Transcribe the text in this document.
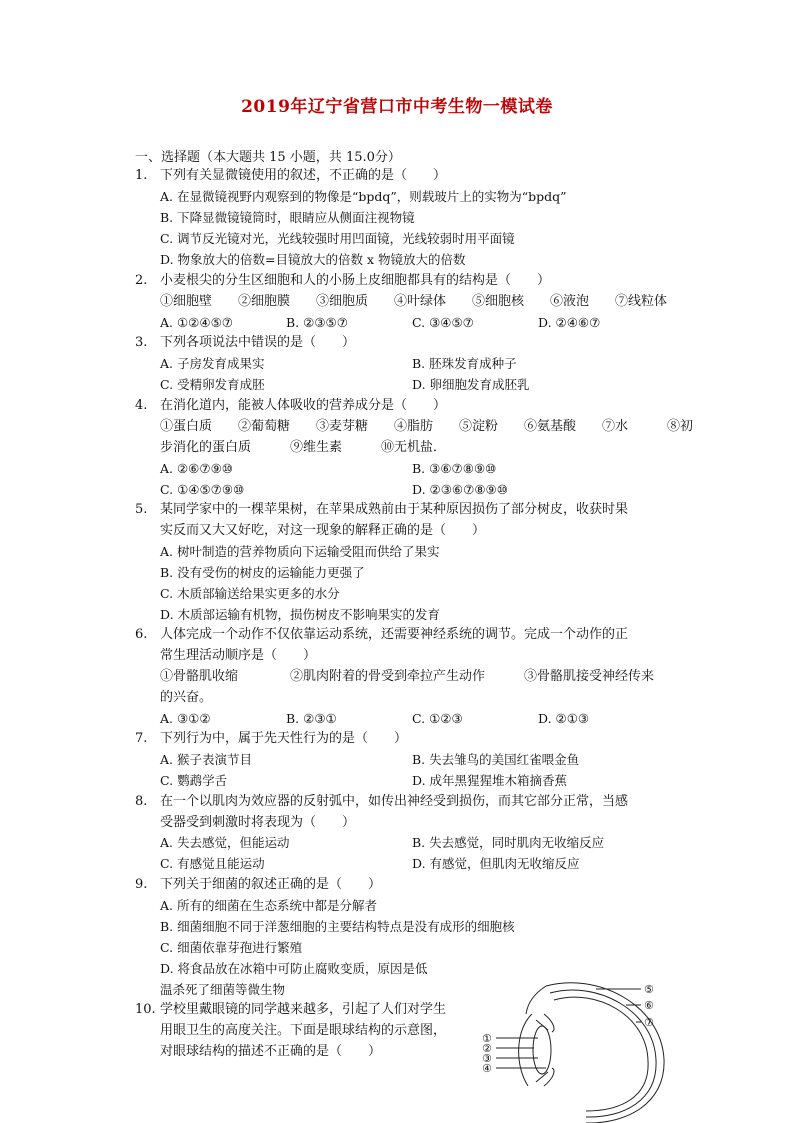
2019年辽宁省营口市中考生物一模试卷
一、选择题（本大题共 15 小题，共 15.0分）
1. 下列有关显微镜使用的叙述，不正确的是（　　）
A. 在显微镜视野内观察到的物像是“bpdq”，则载玻片上的实物为“bpdq”
B. 下降显微镜镜筒时，眼睛应从侧面注视物镜
C. 调节反光镜对光，光线较强时用凹面镜，光线较弱时用平面镜
D. 物象放大的倍数=目镜放大的倍数 x 物镜放大的倍数
2. 小麦根尖的分生区细胞和人的小肠上皮细胞都具有的结构是（　　）
①细胞壁　　②细胞膜　　③细胞质　　④叶绿体　　⑤细胞核　　⑥液泡　　⑦线粒体
A. ①②④⑤⑦	B. ②③⑤⑦	C. ③④⑤⑦	D. ②④⑥⑦
3. 下列各项说法中错误的是（　　）
A. 子房发育成果实	B. 胚珠发育成种子
C. 受精卵发育成胚	D. 卵细胞发育成胚乳
4. 在消化道内，能被人体吸收的营养成分是（　　）
①蛋白质　　②葡萄糖　　③麦芽糖　　④脂肪　　⑤淀粉　　⑥氨基酸　　⑦水　　　⑧初
步消化的蛋白质　　　⑨维生素　　　⑩无机盐．
A. ②⑥⑦⑨⑩	B. ③⑥⑦⑧⑨⑩
C. ①④⑤⑦⑨⑩	D. ②③⑥⑦⑧⑨⑩
5. 某同学家中的一棵苹果树，在苹果成熟前由于某种原因损伤了部分树皮，收获时果
实反而又大又好吃，对这一现象的解释正确的是（　　）
A. 树叶制造的营养物质向下运输受阻而供给了果实
B. 没有受伤的树皮的运输能力更强了
C. 木质部输送给果实更多的水分
D. 木质部运输有机物，损伤树皮不影响果实的发育
6. 人体完成一个动作不仅依靠运动系统，还需要神经系统的调节。完成一个动作的正
常生理活动顺序是（　　）
①骨骼肌收缩　　　　②肌肉附着的骨受到牵拉产生动作　　　③骨骼肌接受神经传来
的兴奋。
A. ③①②	B. ②③①	C. ①②③	D. ②①③
7. 下列行为中，属于先天性行为的是（　　）
A. 猴子表演节目	B. 失去雏鸟的美国红雀喂金鱼
C. 鹦鹉学舌	D. 成年黑猩猩堆木箱摘香蕉
8. 在一个以肌肉为效应器的反射弧中，如传出神经受到损伤，而其它部分正常，当感
受器受到刺激时将表现为（　　）
A. 失去感觉，但能运动	B. 失去感觉，同时肌肉无收缩反应
C. 有感觉且能运动	D. 有感觉，但肌肉无收缩反应
9. 下列关于细菌的叙述正确的是（　　）
A. 所有的细菌在生态系统中都是分解者
B. 细菌细胞不同于洋葱细胞的主要结构特点是没有成形的细胞核
C. 细菌依靠芽孢进行繁殖
D. 将食品放在冰箱中可防止腐败变质，原因是低
温杀死了细菌等微生物
10. 学校里戴眼镜的同学越来越多，引起了人们对学生
用眼卫生的高度关注。下面是眼球结构的示意图，
对眼球结构的描述不正确的是（　　）
①
②
③
④
⑤
⑥
⑦
